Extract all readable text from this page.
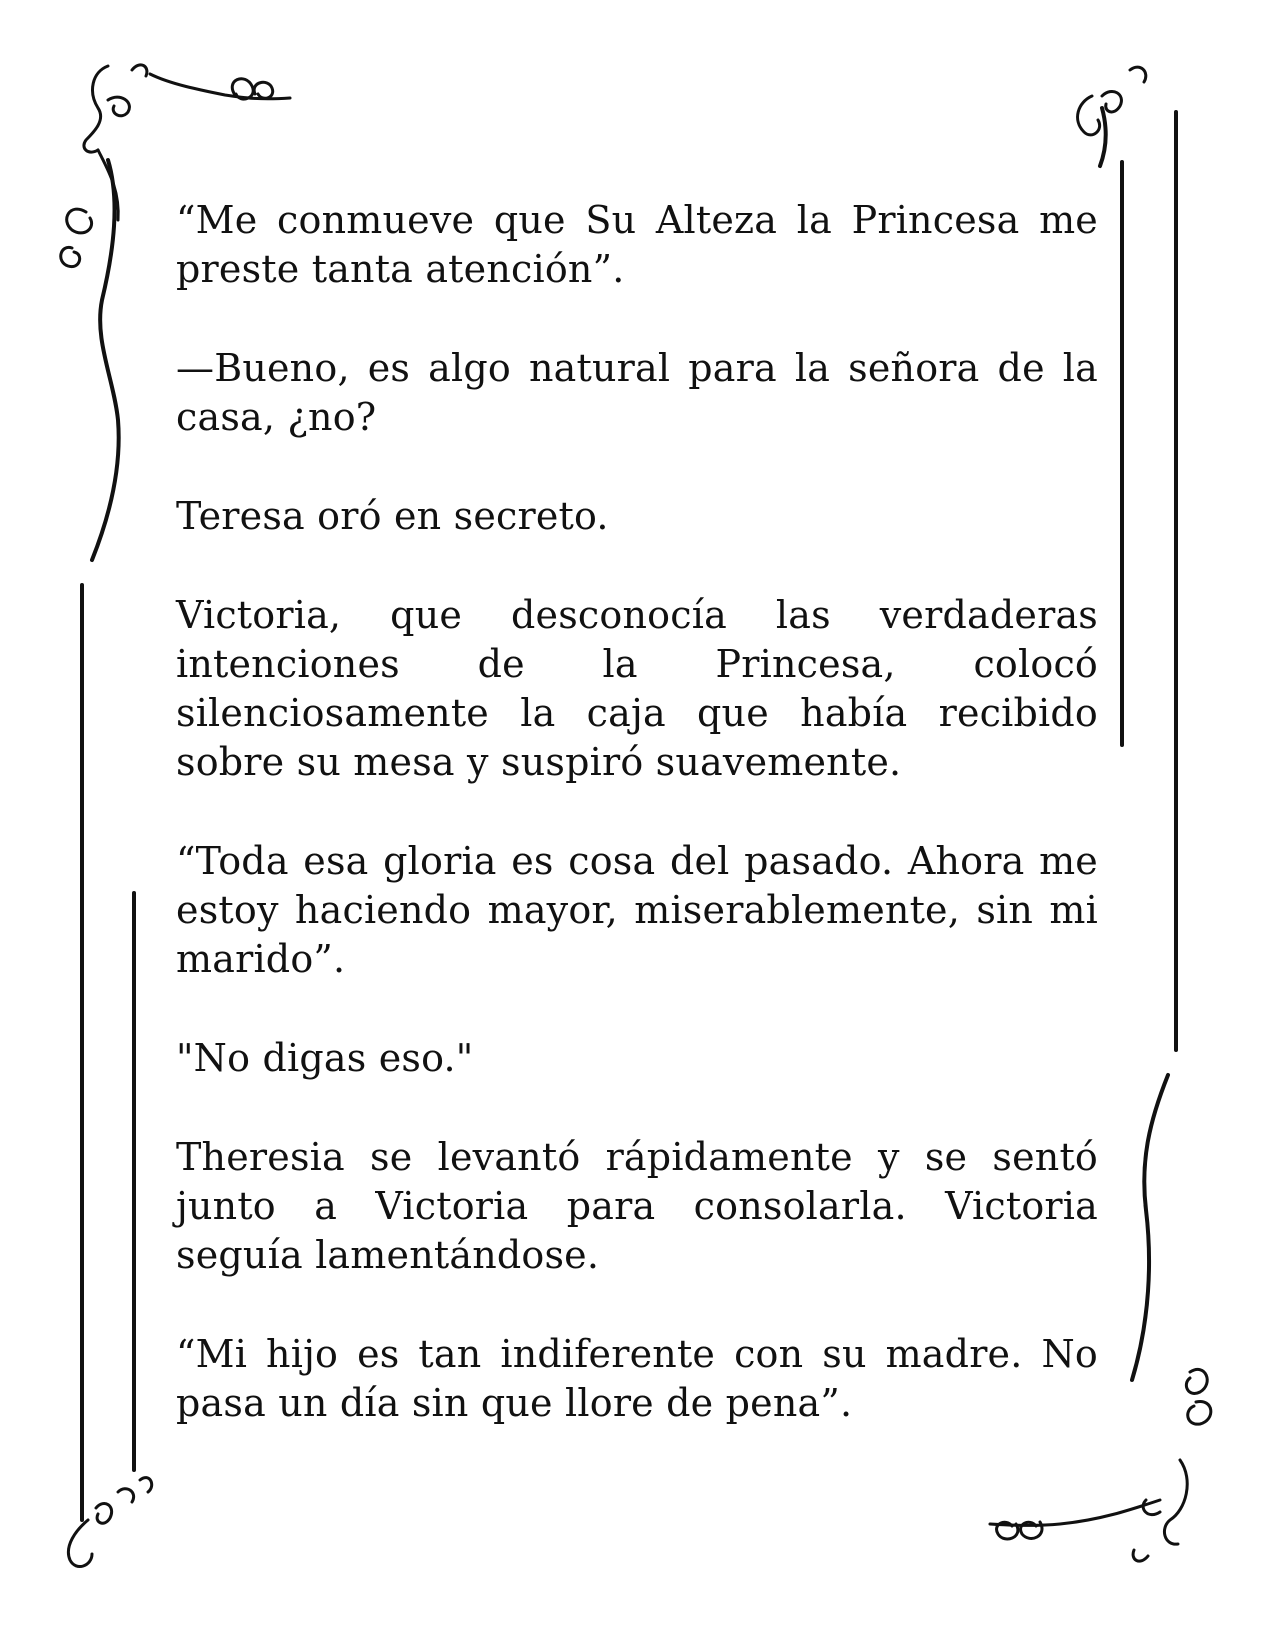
“Me conmueve que Su Alteza la Princesa me preste tanta atención”.

—Bueno, es algo natural para la señora de la casa, ¿no?

Teresa oró en secreto.

Victoria, que desconocía las verdaderas intenciones de la Princesa, colocó silenciosamente la caja que había recibido sobre su mesa y suspiró suavemente.

“Toda esa gloria es cosa del pasado. Ahora me estoy haciendo mayor, miserablemente, sin mi marido”.

"No digas eso."

Theresia se levantó rápidamente y se sentó junto a Victoria para consolarla. Victoria seguía lamentándose.

“Mi hijo es tan indiferente con su madre. No pasa un día sin que llore de pena”.
